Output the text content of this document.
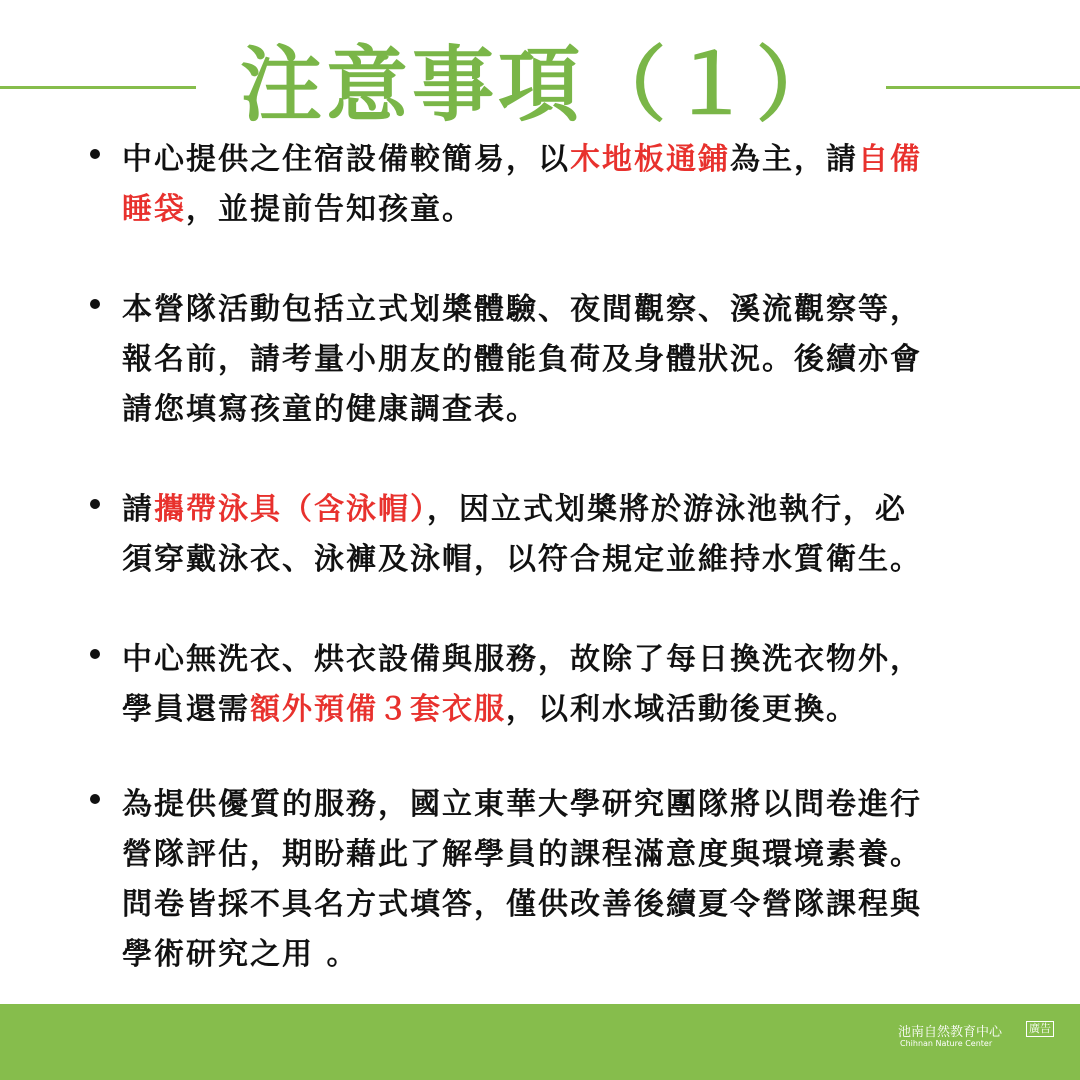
注意事項（１）
中心提供之住宿設備較簡易，以木地板通鋪為主，請自備
睡袋，並提前告知孩童。
本營隊活動包括立式划槳體驗、夜間觀察、溪流觀察等，
報名前，請考量小朋友的體能負荷及身體狀況。後續亦會
請您填寫孩童的健康調查表。
請攜帶泳具（含泳帽），因立式划槳將於游泳池執行，必
須穿戴泳衣、泳褲及泳帽，以符合規定並維持水質衛生。
中心無洗衣、烘衣設備與服務，故除了每日換洗衣物外，
學員還需額外預備３套衣服，以利水域活動後更換。
為提供優質的服務，國立東華大學研究團隊將以問卷進行
營隊評估，期盼藉此了解學員的課程滿意度與環境素養。
問卷皆採不具名方式填答，僅供改善後續夏令營隊課程與
學術研究之用 。
池南自然教育中心
Chihnan Nature Center
廣告
